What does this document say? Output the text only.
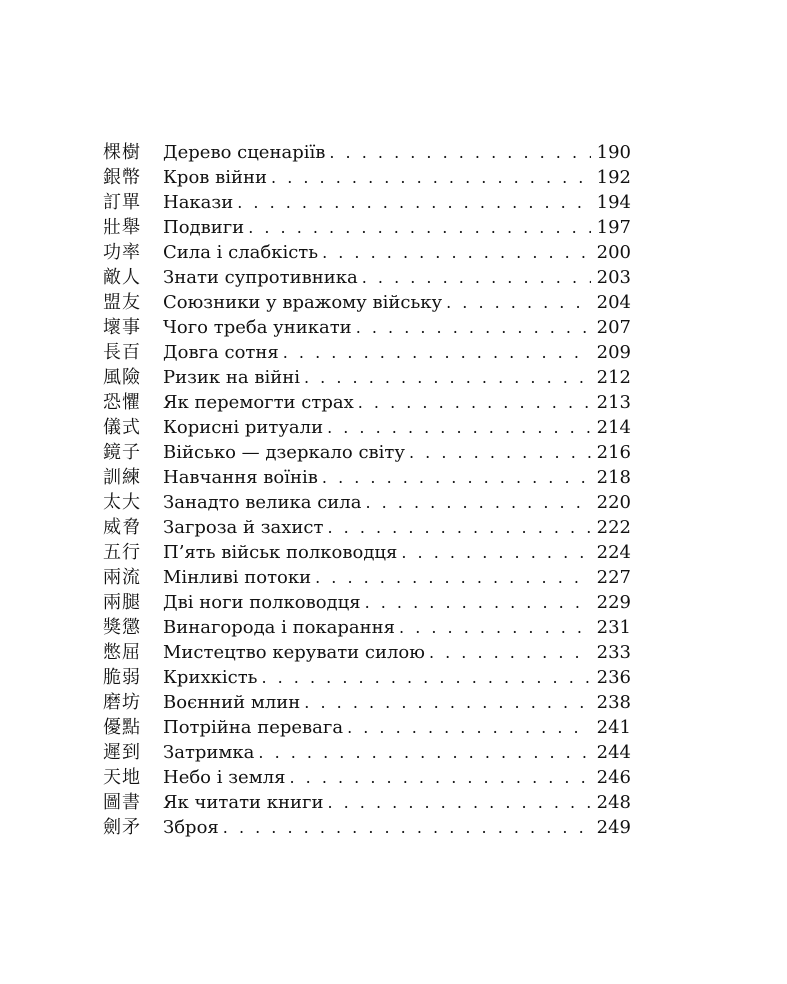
棵樹	Дерево сценаріїв . . .	190
銀幣	Кров війни . . .	192
訂單	Накази . . .	194
壯舉	Подвиги . . .	197
功率	Сила і слабкість . . .	200
敵人	Знати супротивника . . .	203
盟友	Союзники у вражому війську . . .	204
壞事	Чого треба уникати . . .	207
長百	Довга сотня . . .	209
風險	Ризик на війні . . .	212
恐懼	Як перемогти страх . . .	213
儀式	Корисні ритуали . . .	214
鏡子	Військо — дзеркало світу . . .	216
訓練	Навчання воїнів . . .	218
太大	Занадто велика сила . . .	220
威脅	Загроза й захист . . .	222
五行	П’ять військ полководця . . .	224
兩流	Мінливі потоки . . .	227
兩腿	Дві ноги полководця . . .	229
獎懲	Винагорода і покарання . . .	231
憋屈	Мистецтво керувати силою . . .	233
脆弱	Крихкість . . .	236
磨坊	Воєнний млин . . .	238
優點	Потрійна перевага . . .	241
遲到	Затримка . . .	244
天地	Небо і земля . . .	246
圖書	Як читати книги . . .	248
劍矛	Зброя . . .	249
